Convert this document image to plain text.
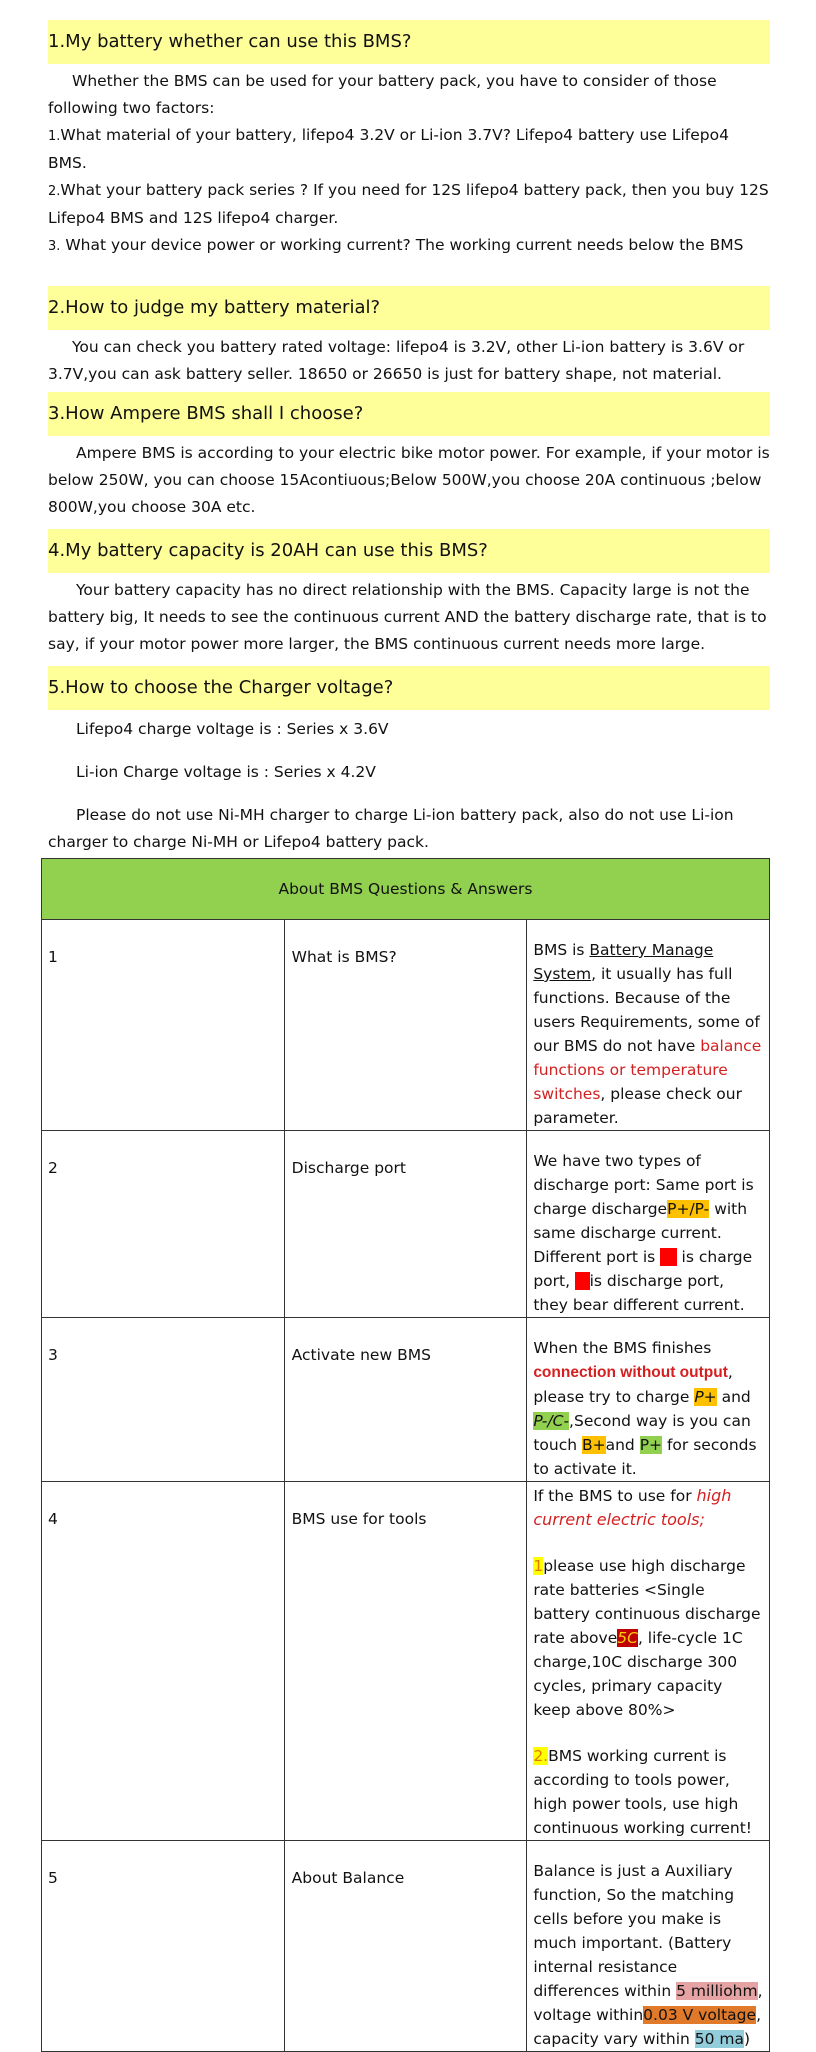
1.My battery whether can use this BMS?

Whether the BMS can be used for your battery pack, you have to consider of those
following two factors:

1.What material of your battery, lifepo4 3.2V or Li-ion 3.7V? Lifepo4 battery use Lifepo4 BMS.

2.What your battery pack series ? If you need for 12S lifepo4 battery pack, then you buy 12S
Lifepo4 BMS and 12S lifepo4 charger.

3. What your device power or working current? The working current needs below the BMS

2.How to judge my battery material?

You can check you battery rated voltage: lifepo4 is 3.2V, other Li-ion battery is 3.6V or
3.7V,you can ask battery seller. 18650 or 26650 is just for battery shape, not material.

3.How Ampere BMS shall I choose?

Ampere BMS is according to your electric bike motor power. For example, if your motor is
below 250W, you can choose 15Acontiuous;Below 500W,you choose 20A continuous ;below
800W,you choose 30A etc.

4.My battery capacity is 20AH can use this BMS?

Your battery capacity has no direct relationship with the BMS. Capacity large is not the
battery big, It needs to see the continuous current AND the battery discharge rate, that is to
say, if your motor power more larger, the BMS continuous current needs more large.

5.How to choose the Charger voltage?

Lifepo4 charge voltage is : Series x 3.6V

Li-ion Charge voltage is : Series x 4.2V

Please do not use Ni-MH charger to charge Li-ion battery pack, also do not use Li-ion
charger to charge Ni-MH or Lifepo4 battery pack.

About BMS Questions & Answers		
1	What is BMS?	BMS is Battery Manage System, it usually has full functions. Because of the users Requirements, some of our BMS do not have balance functions or temperature switches, please check our parameter.
2	Discharge port	We have two types of discharge port: Same port is charge dischargeP+/P- with same discharge current. Different port is C- is charge port, P-is discharge port, they bear different current.
3	Activate new BMS	When the BMS finishes connection without output, please try to charge P+ and P-/C-,Second way is you can touch B+and P+ for seconds to activate it.
4	BMS use for tools	If the BMS to use for high current electric tools;
1please use high discharge rate batteries <Single battery continuous discharge rate above5C, life-cycle 1C charge,10C discharge 300 cycles, primary capacity keep above 80%>
2.BMS working current is according to tools power, high power tools, use high continuous working current!

5	About Balance	Balance is just a Auxiliary function, So the matching cells before you make is much important. (Battery internal resistance differences within 5 milliohm, voltage within0.03 V voltage, capacity vary within 50 ma)
